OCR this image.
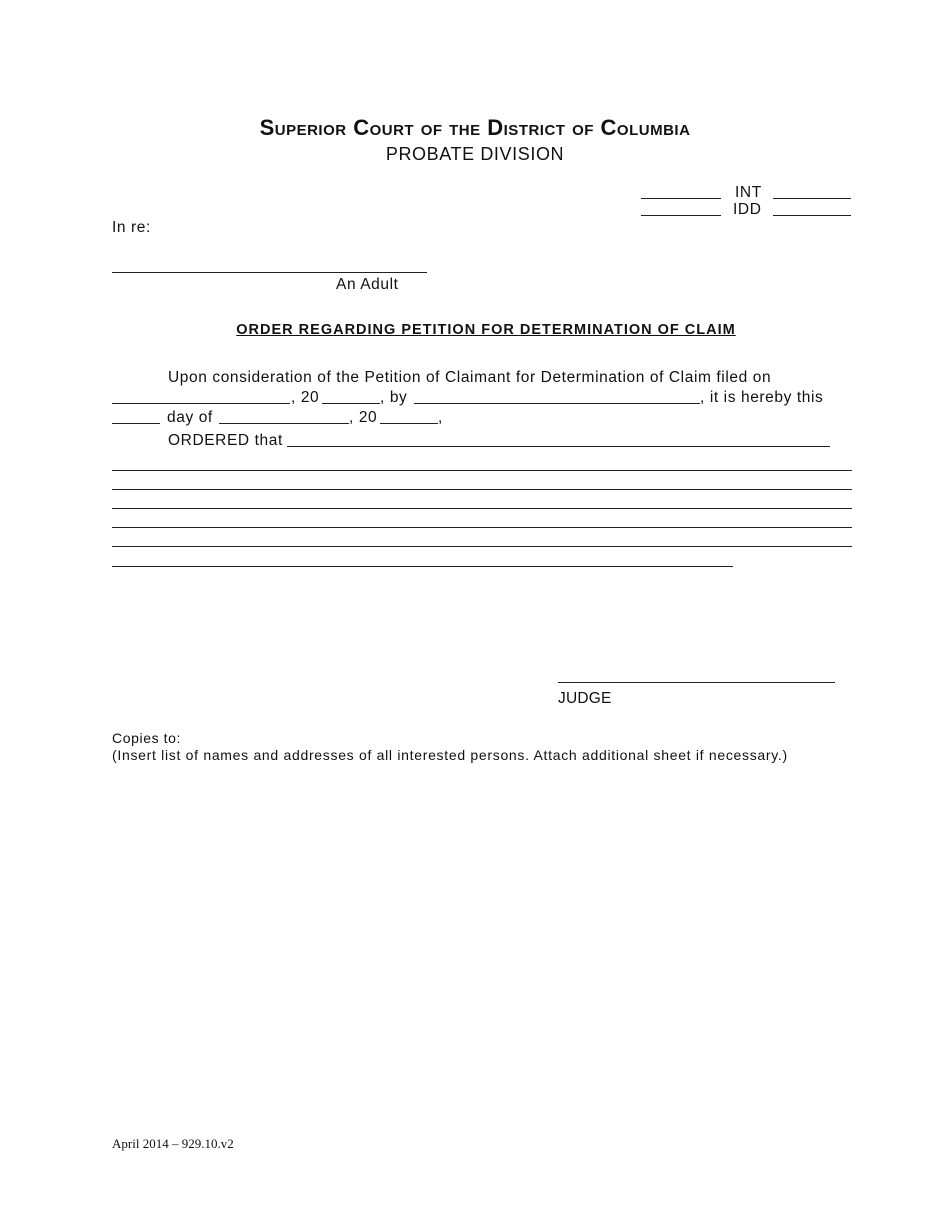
Superior Court of the District of Columbia
PROBATE DIVISION
INT
IDD
In re:
An Adult
ORDER REGARDING PETITION FOR DETERMINATION OF CLAIM
Upon consideration of the Petition of Claimant for Determination of Claim filed on
, 20	, by	, it is hereby this
day of	, 20	,
ORDERED that
JUDGE
Copies to:
(Insert list of names and addresses of all interested persons. Attach additional sheet if necessary.)
April 2014 – 929.10.v2
